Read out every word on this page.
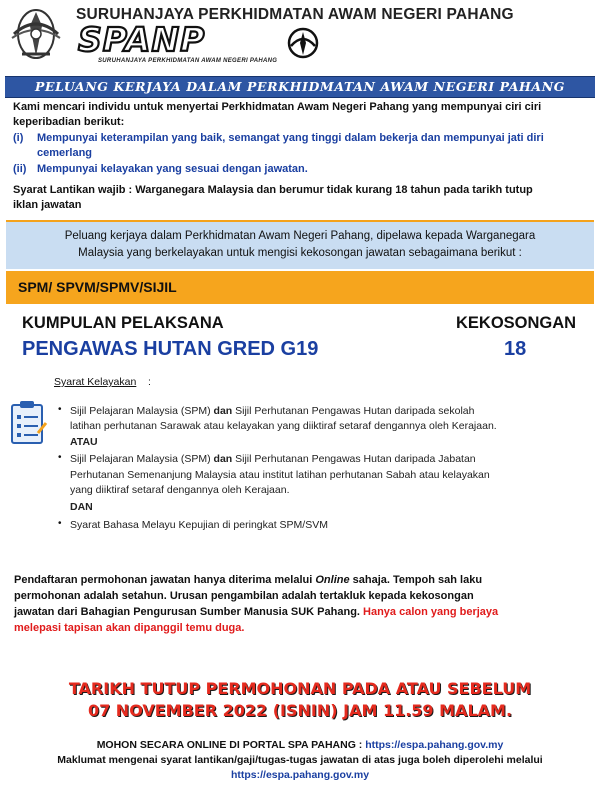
SURUHANJAYA PERKHIDMATAN AWAM NEGERI PAHANG
SPANP
SURUHANJAYA PERKHIDMATAN AWAM NEGERI PAHANG
PELUANG KERJAYA DALAM PERKHIDMATAN AWAM NEGERI PAHANG
Kami mencari individu untuk menyertai Perkhidmatan Awam Negeri Pahang yang mempunyai ciri ciri
keperibadian berikut:
(i) Mempunyai keterampilan yang baik, semangat yang tinggi dalam bekerja dan mempunyai jati diri
cemerlang
(ii) Mempunyai kelayakan yang sesuai dengan jawatan.
Syarat Lantikan wajib : Warganegara Malaysia dan berumur tidak kurang 18 tahun pada tarikh tutup
iklan jawatan
Peluang kerjaya dalam Perkhidmatan Awam Negeri Pahang, dipelawa kepada Warganegara
Malaysia yang berkelayakan untuk mengisi kekosongan jawatan sebagaimana berikut :
SPM/ SPVM/SPMV/SIJIL
KUMPULAN PELAKSANA	KEKOSONGAN
PENGAWAS HUTAN GRED G19	18
Syarat Kelayakan :
• Sijil Pelajaran Malaysia (SPM) dan Sijil Perhutanan Pengawas Hutan daripada sekolah
latihan perhutanan Sarawak atau kelayakan yang diiktiraf setaraf dengannya oleh Kerajaan.
ATAU
• Sijil Pelajaran Malaysia (SPM) dan Sijil Perhutanan Pengawas Hutan daripada Jabatan
Perhutanan Semenanjung Malaysia atau institut latihan perhutanan Sabah atau kelayakan
yang diiktiraf setaraf dengannya oleh Kerajaan.
DAN
• Syarat Bahasa Melayu Kepujian di peringkat SPM/SVM
Pendaftaran permohonan jawatan hanya diterima melalui Online sahaja. Tempoh sah laku
permohonan adalah setahun. Urusan pengambilan adalah tertakluk kepada kekosongan
jawatan dari Bahagian Pengurusan Sumber Manusia SUK Pahang. Hanya calon yang berjaya
melepasi tapisan akan dipanggil temu duga.
TARIKH TUTUP PERMOHONAN PADA ATAU SEBELUM
07 NOVEMBER 2022 (ISNIN) JAM 11.59 MALAM.
MOHON SECARA ONLINE DI PORTAL SPA PAHANG : https://espa.pahang.gov.my
Maklumat mengenai syarat lantikan/gaji/tugas-tugas jawatan di atas juga boleh diperolehi melalui
https://espa.pahang.gov.my
